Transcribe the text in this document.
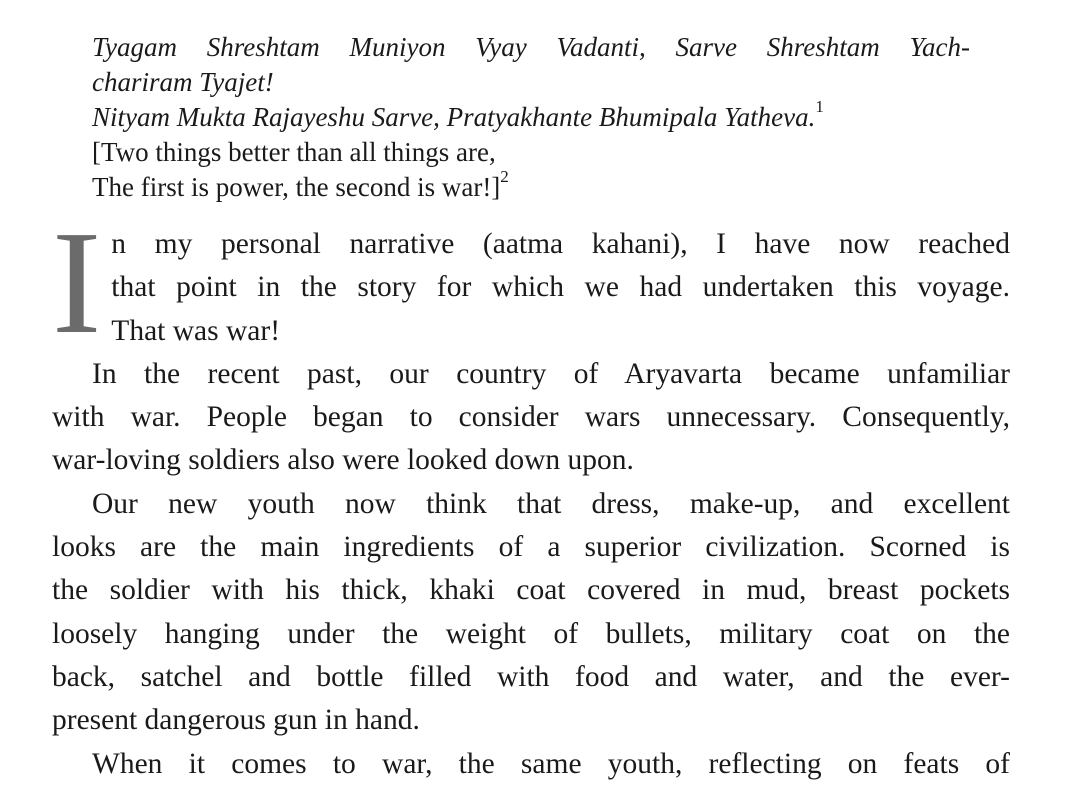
Tyagam Shreshtam Muniyon Vyay Vadanti, Sarve Shreshtam Yach-
chariram Tyajet!
Nityam Mukta Rajayeshu Sarve, Pratyakhante Bhumipala Yatheva.$^1$
[Two things better than all things are,
The first is power, the second is war!]$^2$
I n my personal narrative (aatma kahani), I have now reached
that point in the story for which we had undertaken this voyage.
That was war!
In the recent past, our country of Aryavarta became unfamiliar
with war. People began to consider wars unnecessary. Consequently,
war-loving soldiers also were looked down upon.
Our new youth now think that dress, make-up, and excellent
looks are the main ingredients of a superior civilization. Scorned is
the soldier with his thick, khaki coat covered in mud, breast pockets
loosely hanging under the weight of bullets, military coat on the
back, satchel and bottle filled with food and water, and the ever-
present dangerous gun in hand.
When it comes to war, the same youth, reflecting on feats of
